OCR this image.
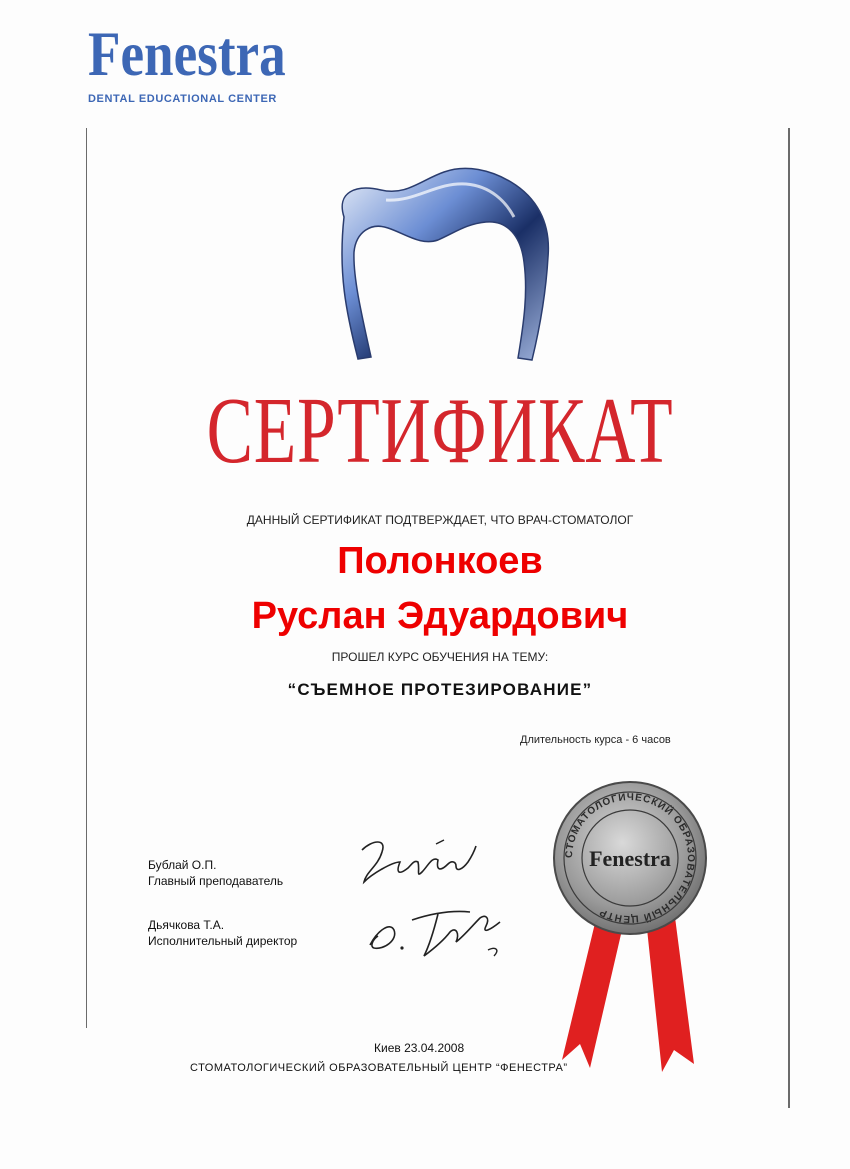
Fenestra
DENTAL EDUCATIONAL CENTER
СЕРТИФИКАТ
ДАННЫЙ СЕРТИФИКАТ ПОДТВЕРЖДАЕТ, ЧТО ВРАЧ-СТОМАТОЛОГ
Полонкоев
Руслан Эдуардович
ПРОШЕЛ КУРС ОБУЧЕНИЯ НА ТЕМУ:
“СЪЕМНОЕ ПРОТЕЗИРОВАНИЕ”
Длительность курса - 6 часов
Бублай О.П.
Главный преподаватель
Дьячкова Т.А.
Исполнительный директор
СТОМАТОЛОГИЧЕСКИЙ ОБРАЗОВАТЕЛЬНЫЙ ЦЕНТР
Fenestra
Киев 23.04.2008
СТОМАТОЛОГИЧЕСКИЙ ОБРАЗОВАТЕЛЬНЫЙ ЦЕНТР “ФЕНЕСТРА”
